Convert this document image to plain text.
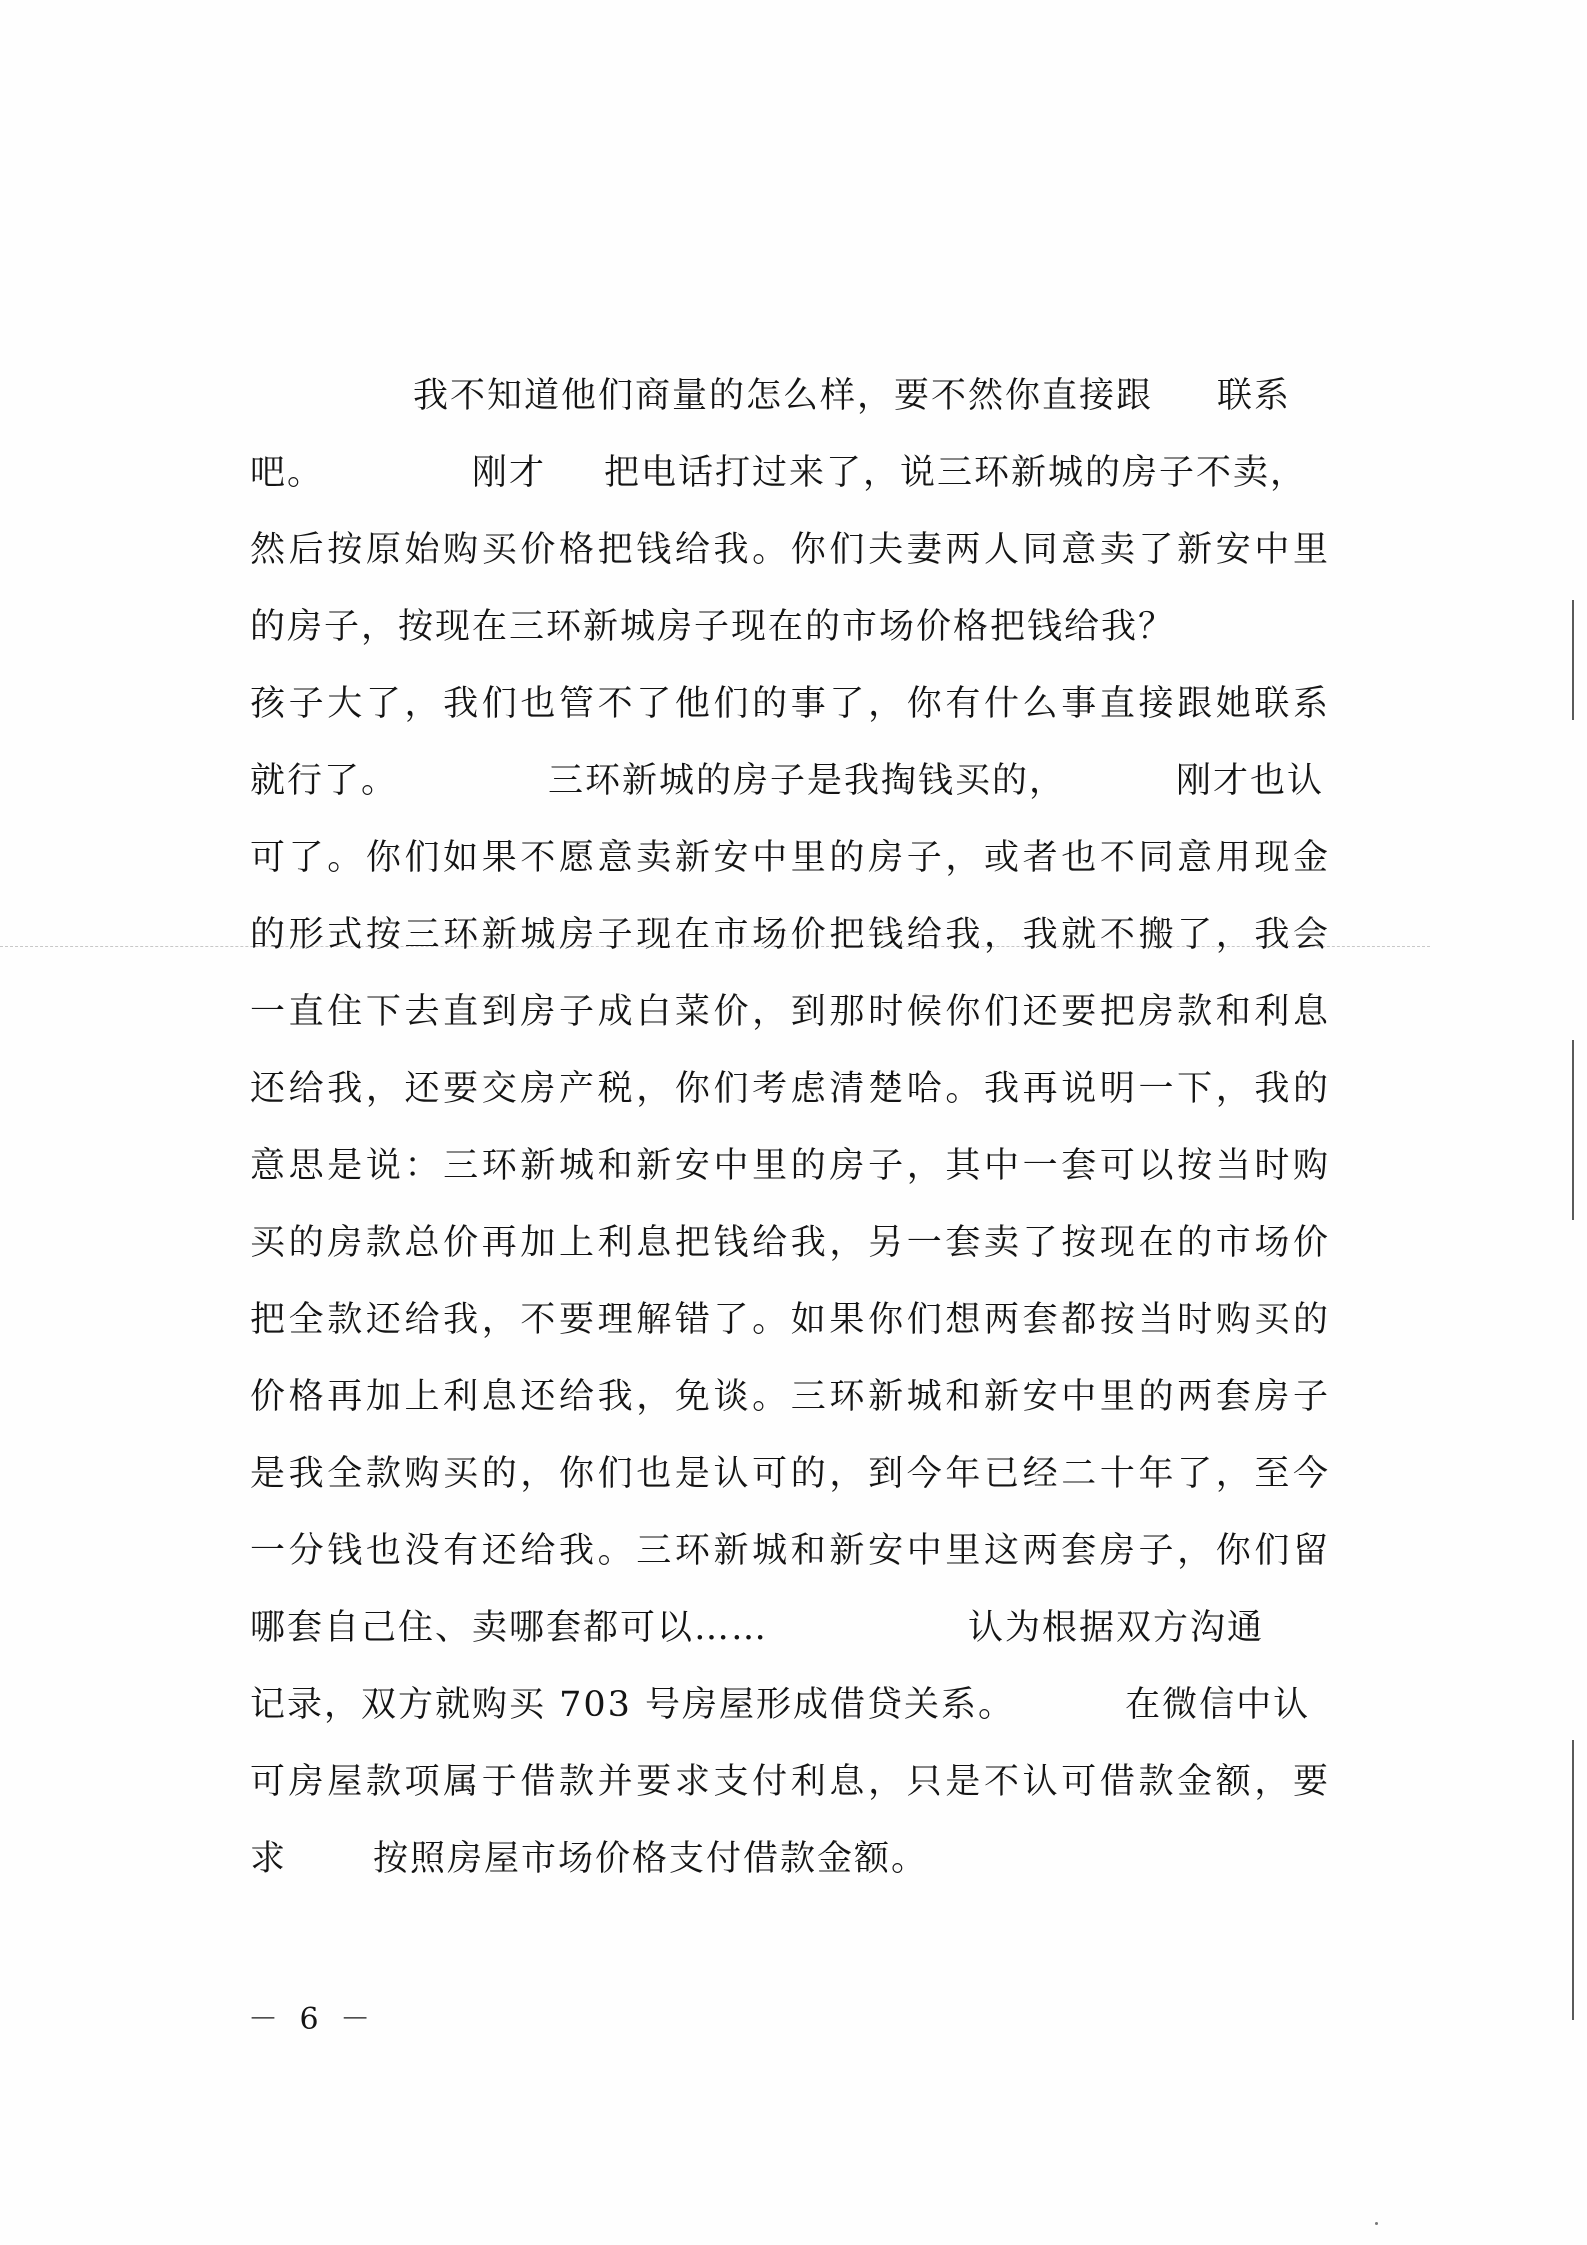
我不知道他们商量的怎么样，要不然你直接跟 联系
吧。	刚才 把电话打过来了，说三环新城的房子不卖，
然后按原始购买价格把钱给我。你们夫妻两人同意卖了新安中里
的房子，按现在三环新城房子现在的市场价格把钱给我？
孩子大了，我们也管不了他们的事了，你有什么事直接跟她联系
就行了。	三环新城的房子是我掏钱买的，	刚才也认
可了。你们如果不愿意卖新安中里的房子，或者也不同意用现金
的形式按三环新城房子现在市场价把钱给我，我就不搬了，我会
一直住下去直到房子成白菜价，到那时候你们还要把房款和利息
还给我，还要交房产税，你们考虑清楚哈。我再说明一下，我的
意思是说：三环新城和新安中里的房子，其中一套可以按当时购
买的房款总价再加上利息把钱给我，另一套卖了按现在的市场价
把全款还给我，不要理解错了。如果你们想两套都按当时购买的
价格再加上利息还给我，免谈。三环新城和新安中里的两套房子
是我全款购买的，你们也是认可的，到今年已经二十年了，至今
一分钱也没有还给我。三环新城和新安中里这两套房子，你们留
哪套自己住、卖哪套都可以……	认为根据双方沟通
记录，双方就购买 703 号房屋形成借贷关系。	在微信中认
可房屋款项属于借款并要求支付利息，只是不认可借款金额，要
求 按照房屋市场价格支付借款金额。
－ 6 －
